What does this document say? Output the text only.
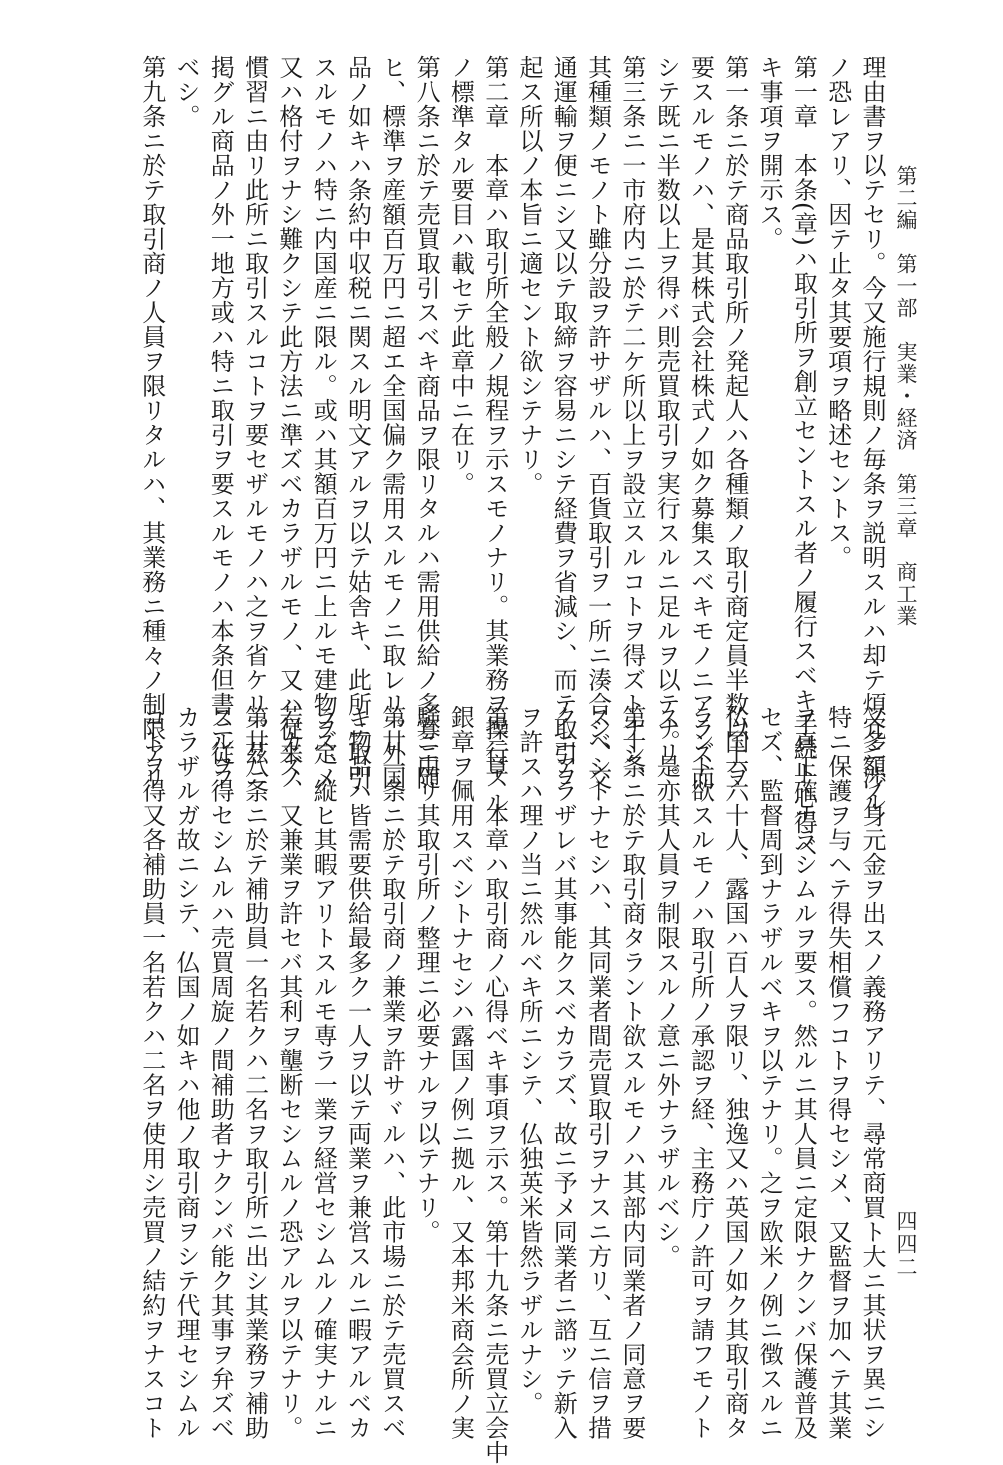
第二編　第一部　実業・経済　第三章　商工業
四四二
理由書ヲ以テセリ。今又施行規則ノ毎条ヲ説明スルハ却テ煩冗ニ渉ル
ノ恐レアリ、因テ止タ其要項ヲ略述セントス。
第一章　本条(章)ハ取引所ヲ創立セントスル者ノ履行スベキ手続ト心得ベ
キ事項ヲ開示ス。
第一条ニ於テ商品取引所ノ発起人ハ各種類ノ取引商定員半数以上ヲ
要スルモノハ、是其株式会社株式ノ如ク募集スベキモノニアラズ而
シテ既ニ半数以上ヲ得バ則売買取引ヲ実行スルニ足ルヲ以テナリ。
第三条ニ一市府内ニ於テ二ケ所以上ヲ設立スルコトヲ得ズトナシ、
其種類ノモノト雖分設ヲ許サザルハ、百貨取引ヲ一所ニ湊合シ、交
通運輸ヲ便ニシ又以テ取締ヲ容易ニシテ経費ヲ省減シ、而テ取引ヲ
起ス所以ノ本旨ニ適セント欲シテナリ。
第二章　本章ハ取引所全般ノ規程ヲ示スモノナリ。其業務ヲ操行スル
ノ標準タル要目ハ載セテ此章中ニ在リ。
第八条ニ於テ売買取引スベキ商品ヲ限リタルハ需用供給ノ多寡ニ随
ヒ、標準ヲ産額百万円ニ超エ全国偏ク需用スルモノニ取レリ。外国
品ノ如キハ条約中収税ニ関スル明文アルヲ以テ姑舎キ、此所ニ取引
スルモノハ特ニ内国産ニ限ル。或ハ其額百万円ニ上ルモ建物ヲ定メ
又ハ格付ヲナシ難クシテ此方法ニ準ズベカラザルモノ、又ハ従来ノ
慣習ニ由リ此所ニ取引スルコトヲ要セザルモノハ之ヲ省ケリ。茲ニ
掲グル商品ノ外一地方或ハ特ニ取引ヲ要スルモノハ本条但書ニ従フ
ベシ。
第九条ニ於テ取引商ノ人員ヲ限リタルハ、其業務ニ種々ノ制限アリ
又多額ノ身元金ヲ出スノ義務アリテ、尋常商買ト大ニ其状ヲ異ニシ
特ニ保護ヲ与ヘテ得失相償フコトヲ得セシメ、又監督ヲ加ヘテ其業
ヲ真正確ナラシムルヲ要ス。然ルニ其人員ニ定限ナクンバ保護普及
セズ、監督周到ナラザルベキヲ以テナリ。之ヲ欧米ノ例ニ徴スルニ
仏国ハ六十人、露国ハ百人ヲ限リ、独逸又ハ英国ノ如ク其取引商タ
ラント欲スルモノハ取引所ノ承認ヲ経、主務庁ノ許可ヲ請フモノト
ス。是亦其人員ヲ制限スルノ意ニ外ナラザルベシ。
第十条ニ於テ取引商タラント欲スルモノハ其部内同業者ノ同意ヲ要
スベシトナセシハ、其同業者間売買取引ヲナスニ方リ、互ニ信ヲ措
クニアラザレバ其事能クスベカラズ、故ニ予メ同業者ニ諮ッテ新入
ヲ許スハ理ノ当ニ然ルベキ所ニシテ、仏独英米皆然ラザルナシ。
第三章　本章ハ取引商ノ心得ベキ事項ヲ示ス。第十九条ニ売買立会中
銀章ヲ佩用スベシトナセシハ露国ノ例ニ拠ル、又本邦米商会所ノ実
験ニ由リ其取引所ノ整理ニ必要ナルヲ以テナリ。
第廿一条ニ於テ取引商ノ兼業ヲ許サヾルハ、此市場ニ於テ売買スベ
キ物品ハ皆需要供給最多ク一人ヲ以テ両業ヲ兼営スルニ暇アルベカ
ラズ、縦ヒ其暇アリトスルモ専ラ一業ヲ経営セシムルノ確実ナルニ
若カズ、又兼業ヲ許セバ其利ヲ壟断セシムルノ恐アルヲ以テナリ。
第廿八条ニ於テ補助員一名若クハ二名ヲ取引所ニ出シ其業務ヲ補助
スルヲ得セシムルハ売買周旋ノ間補助者ナクンバ能ク其事ヲ弁ズベ
カラザルガ故ニシテ、仏国ノ如キハ他ノ取引商ヲシテ代理セシムル
コトヲ得又各補助員一名若クハ二名ヲ使用シ売買ノ結約ヲナスコト
